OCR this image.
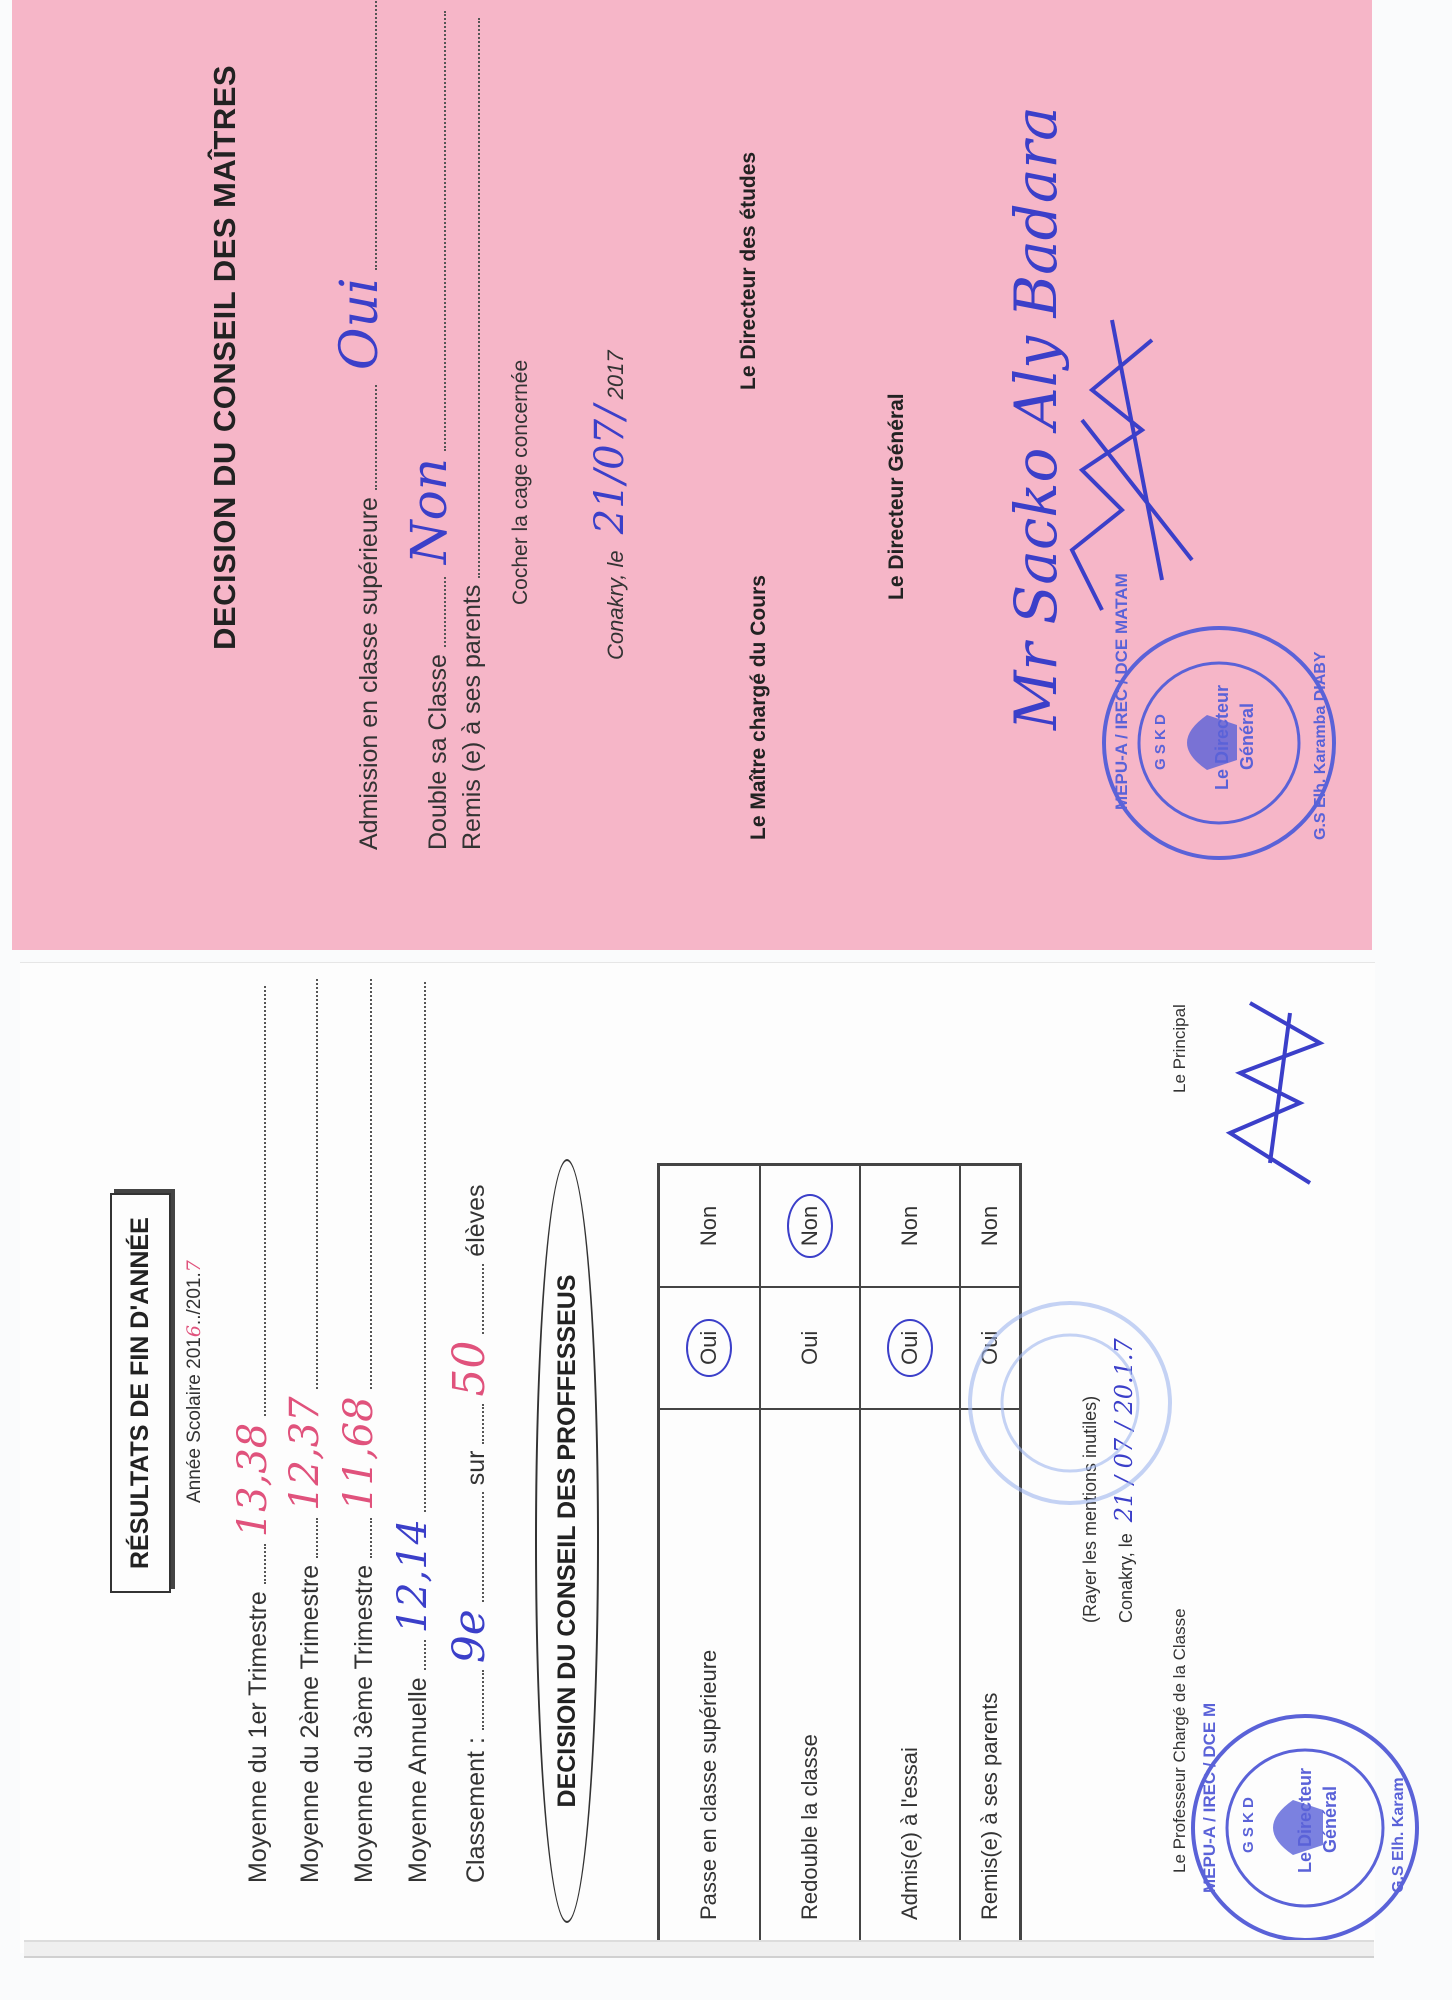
DECISION DU CONSEIL DES MAÎTRES
Admission en classe supérieure  Oui
Double sa Classe  Non
Remis (e) à ses parents
Cocher la cage concernée
Conakry, le 21/07/ 2017
Le Maître chargé du Cours
Le Directeur des études
Le Directeur Général Mr Sacko Aly Badara MEPU-A / IREC / DCE MATAM G S K D Le Directeur Général	G.S Elh. Karamba DIABY
RÉSULTATS DE FIN D'ANNÉE	Année Scolaire 2016../201.7
Moyenne du 1er Trimestre  13,38
Moyenne du 2ème Trimestre  12,37
Moyenne du 3ème Trimestre  11,68
Moyenne Annuelle  12,14
Classement :  9e  sur  50  élèves
DECISION DU CONSEIL DES PROFFESSEUS	Passe en classe supérieure	Oui	Non
Redouble la classe	Oui	Non
Admis(e) à l'essai	Oui	Non
Remis(e) à ses parents	Oui	Non
(Rayer les mentions inutiles) Conakry, le 21 / 07 / 20.1.7
Le Professeur Chargé de la Classe
Le Principal
MEPU-A / IREC / DCE M G S K D Le Directeur Général	G.S Elh. Karam
